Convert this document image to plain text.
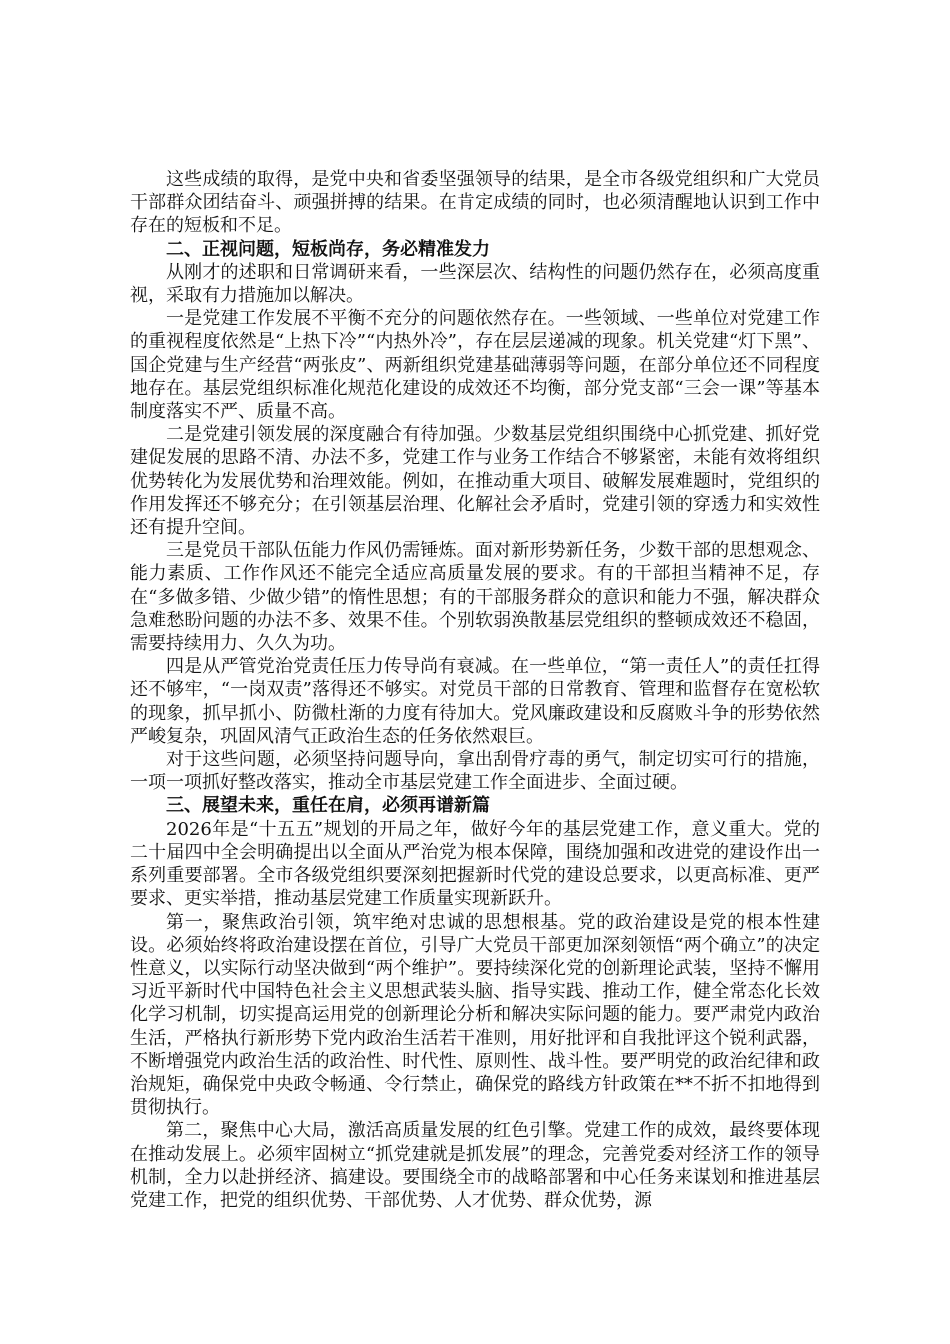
这些成绩的取得，是党中央和省委坚强领导的结果，是全市各级党组织和广大党员干部群众团结奋斗、顽强拼搏的结果。在肯定成绩的同时，也必须清醒地认识到工作中存在的短板和不足。

二、正视问题，短板尚存，务必精准发力

从刚才的述职和日常调研来看，一些深层次、结构性的问题仍然存在，必须高度重视，采取有力措施加以解决。

一是党建工作发展不平衡不充分的问题依然存在。一些领域、一些单位对党建工作的重视程度依然是“上热下冷”“内热外冷”，存在层层递减的现象。机关党建“灯下黑”、国企党建与生产经营“两张皮”、两新组织党建基础薄弱等问题，在部分单位还不同程度地存在。基层党组织标准化规范化建设的成效还不均衡，部分党支部“三会一课”等基本制度落实不严、质量不高。

二是党建引领发展的深度融合有待加强。少数基层党组织围绕中心抓党建、抓好党建促发展的思路不清、办法不多，党建工作与业务工作结合不够紧密，未能有效将组织优势转化为发展优势和治理效能。例如，在推动重大项目、破解发展难题时，党组织的作用发挥还不够充分；在引领基层治理、化解社会矛盾时，党建引领的穿透力和实效性还有提升空间。

三是党员干部队伍能力作风仍需锤炼。面对新形势新任务，少数干部的思想观念、能力素质、工作作风还不能完全适应高质量发展的要求。有的干部担当精神不足，存在“多做多错、少做少错”的惰性思想；有的干部服务群众的意识和能力不强，解决群众急难愁盼问题的办法不多、效果不佳。个别软弱涣散基层党组织的整顿成效还不稳固，需要持续用力、久久为功。

四是从严管党治党责任压力传导尚有衰减。在一些单位，“第一责任人”的责任扛得还不够牢，“一岗双责”落得还不够实。对党员干部的日常教育、管理和监督存在宽松软的现象，抓早抓小、防微杜渐的力度有待加大。党风廉政建设和反腐败斗争的形势依然严峻复杂，巩固风清气正政治生态的任务依然艰巨。

对于这些问题，必须坚持问题导向，拿出刮骨疗毒的勇气，制定切实可行的措施，一项一项抓好整改落实，推动全市基层党建工作全面进步、全面过硬。

三、展望未来，重任在肩，必须再谱新篇

2026年是“十五五”规划的开局之年，做好今年的基层党建工作，意义重大。党的二十届四中全会明确提出以全面从严治党为根本保障，围绕加强和改进党的建设作出一系列重要部署。全市各级党组织要深刻把握新时代党的建设总要求，以更高标准、更严要求、更实举措，推动基层党建工作质量实现新跃升。

第一，聚焦政治引领，筑牢绝对忠诚的思想根基。党的政治建设是党的根本性建设。必须始终将政治建设摆在首位，引导广大党员干部更加深刻领悟“两个确立”的决定性意义，以实际行动坚决做到“两个维护”。要持续深化党的创新理论武装，坚持不懈用习近平新时代中国特色社会主义思想武装头脑、指导实践、推动工作，健全常态化长效化学习机制，切实提高运用党的创新理论分析和解决实际问题的能力。要严肃党内政治生活，严格执行新形势下党内政治生活若干准则，用好批评和自我批评这个锐利武器，不断增强党内政治生活的政治性、时代性、原则性、战斗性。要严明党的政治纪律和政治规矩，确保党中央政令畅通、令行禁止，确保党的路线方针政策在**不折不扣地得到贯彻执行。

第二，聚焦中心大局，激活高质量发展的红色引擎。党建工作的成效，最终要体现在推动发展上。必须牢固树立“抓党建就是抓发展”的理念，完善党委对经济工作的领导机制，全力以赴拼经济、搞建设。要围绕全市的战略部署和中心任务来谋划和推进基层党建工作，把党的组织优势、干部优势、人才优势、群众优势，源
